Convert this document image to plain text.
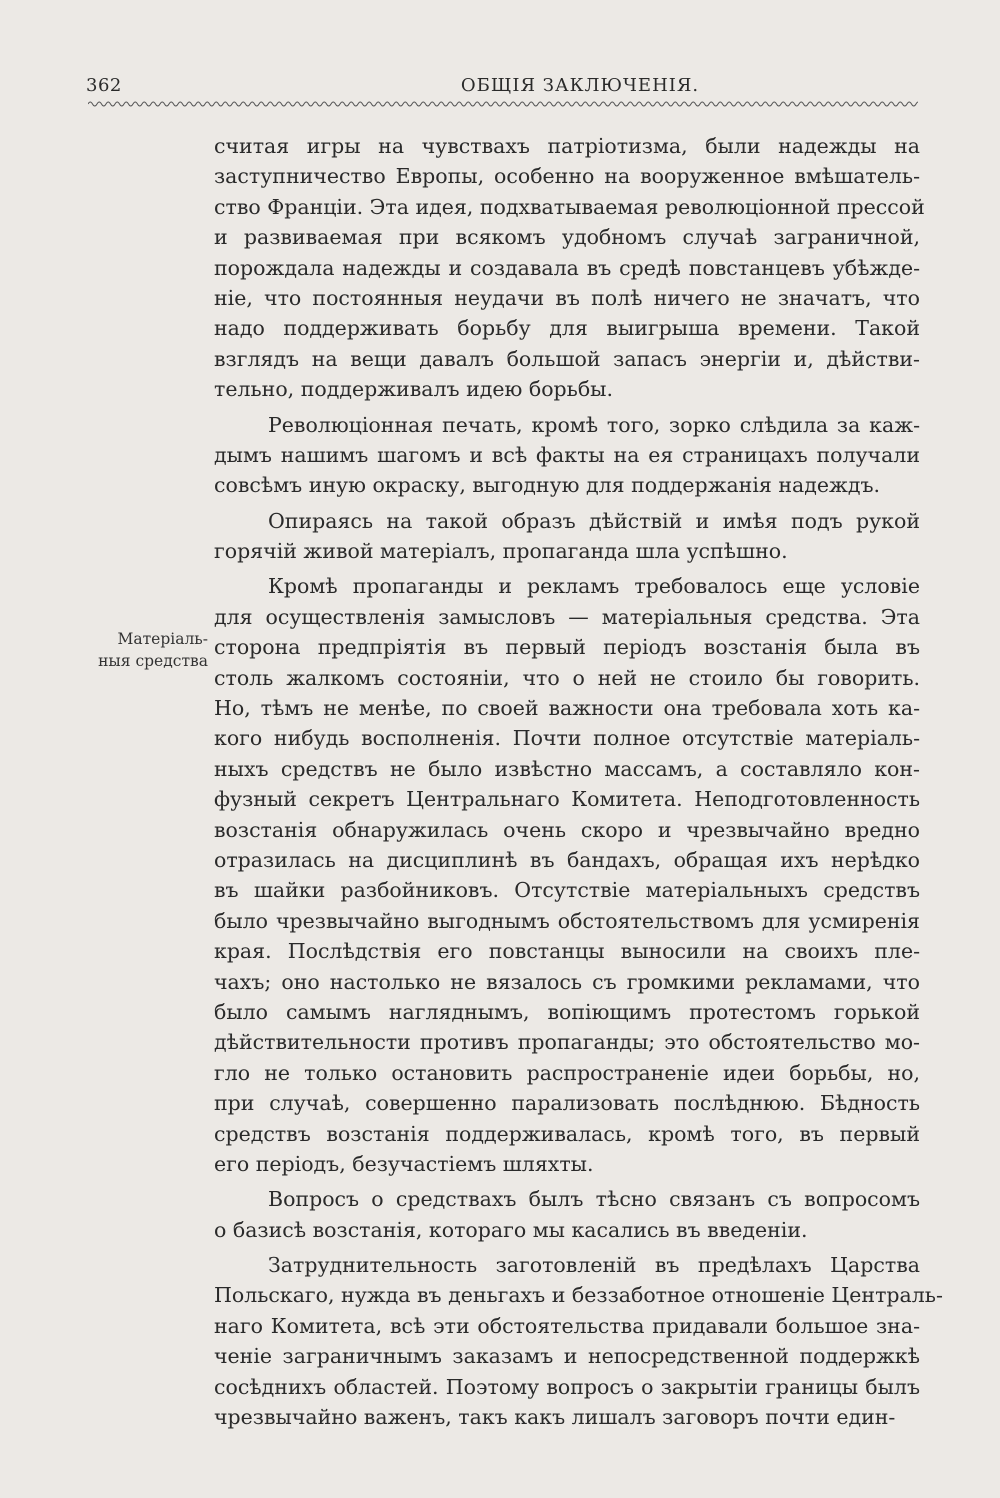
362	ОБЩІЯ ЗАКЛЮЧЕНІЯ.
Матеріаль-
ныя средства
считая игры на чувствахъ патріотизма, были надежды на
заступничество Европы, особенно на вооруженное вмѣшатель-
ство Франціи. Эта идея, подхватываемая революціонной прессой
и развиваемая при всякомъ удобномъ случаѣ заграничной,
порождала надежды и создавала въ средѣ повстанцевъ убѣжде-
ніе, что постоянныя неудачи въ полѣ ничего не значатъ, что
надо поддерживать борьбу для выигрыша времени. Такой
взглядъ на вещи давалъ большой запасъ энергіи и, дѣйстви-
тельно, поддерживалъ идею борьбы.
Революціонная печать, кромѣ того, зорко слѣдила за каж-
дымъ нашимъ шагомъ и всѣ факты на ея страницахъ получали
совсѣмъ иную окраску, выгодную для поддержанія надеждъ.
Опираясь на такой образъ дѣйствій и имѣя подъ рукой
горячій живой матеріалъ, пропаганда шла успѣшно.
Кромѣ пропаганды и рекламъ требовалось еще условіе
для осуществленія замысловъ — матеріальныя средства. Эта
сторона предпріятія въ первый періодъ возстанія была въ
столь жалкомъ состояніи, что о ней не стоило бы говорить.
Но, тѣмъ не менѣе, по своей важности она требовала хоть ка-
кого нибудь восполненія. Почти полное отсутствіе матеріаль-
ныхъ средствъ не было извѣстно массамъ, а составляло кон-
фузный секретъ Центральнаго Комитета. Неподготовленность
возстанія обнаружилась очень скоро и чрезвычайно вредно
отразилась на дисциплинѣ въ бандахъ, обращая ихъ нерѣдко
въ шайки разбойниковъ. Отсутствіе матеріальныхъ средствъ
было чрезвычайно выгоднымъ обстоятельствомъ для усмиренія
края. Послѣдствія его повстанцы выносили на своихъ пле-
чахъ; оно настолько не вязалось съ громкими рекламами, что
было самымъ нагляднымъ, вопіющимъ протестомъ горькой
дѣйствительности противъ пропаганды; это обстоятельство мо-
гло не только остановить распространеніе идеи борьбы, но,
при случаѣ, совершенно парализовать послѣднюю. Бѣдность
средствъ возстанія поддерживалась, кромѣ того, въ первый
его періодъ, безучастіемъ шляхты.
Вопросъ о средствахъ былъ тѣсно связанъ съ вопросомъ
о базисѣ возстанія, котораго мы касались въ введеніи.
Затруднительность заготовленій въ предѣлахъ Царства
Польскаго, нужда въ деньгахъ и беззаботное отношеніе Централь-
наго Комитета, всѣ эти обстоятельства придавали большое зна-
ченіе заграничнымъ заказамъ и непосредственной поддержкѣ
сосѣднихъ областей. Поэтому вопросъ о закрытіи границы былъ
чрезвычайно важенъ, такъ какъ лишалъ заговоръ почти един-
